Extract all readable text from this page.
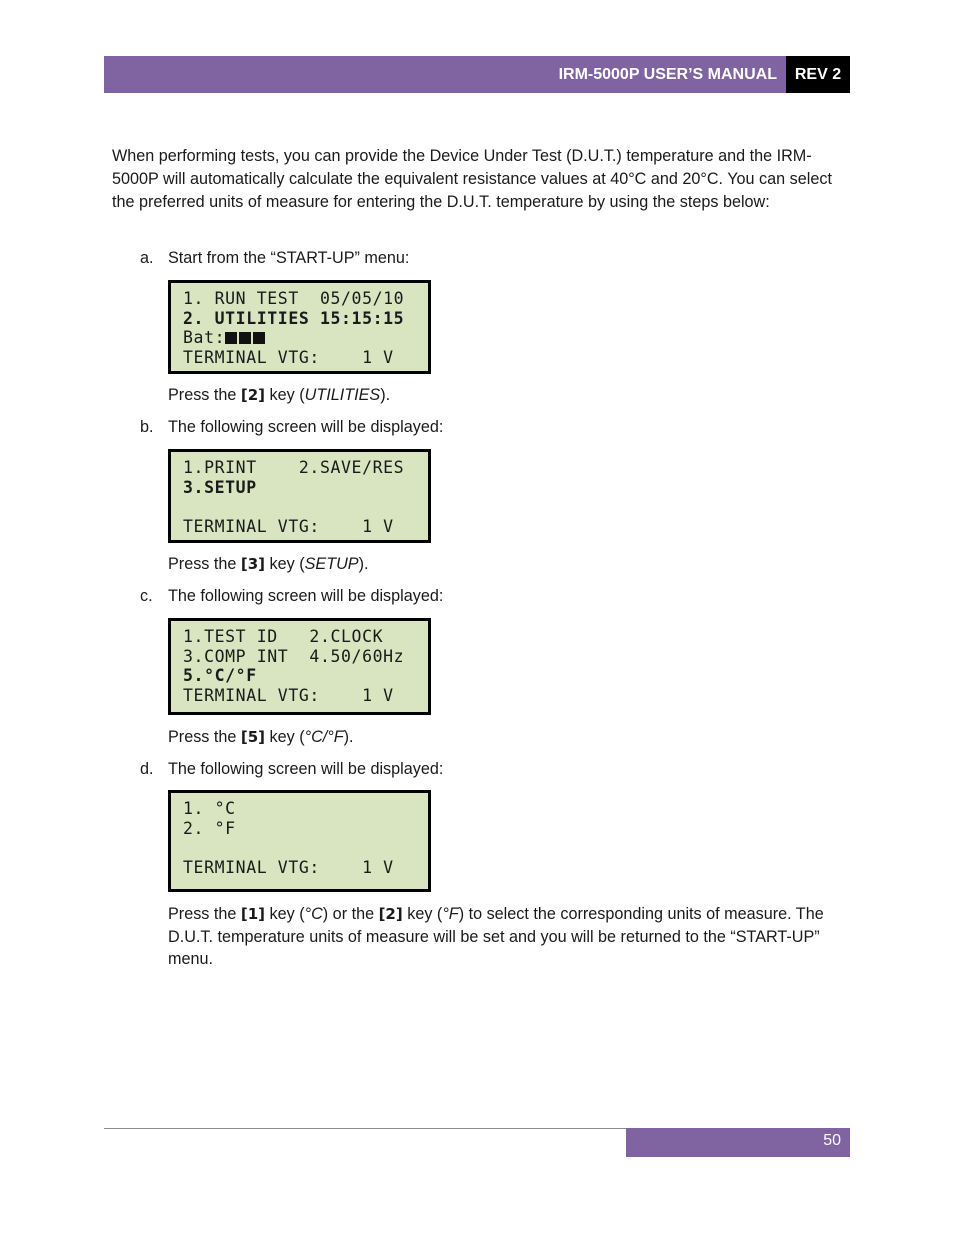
IRM-5000P USER’S MANUAL	REV 2

When performing tests, you can provide the Device Under Test (D.U.T.) temperature and the IRM-5000P will automatically calculate the equivalent resistance values at 40°C and 20°C. You can select the preferred units of measure for entering the D.U.T. temperature by using the steps below:

a. Start from the “START-UP” menu:
1. RUN TEST  05/05/10
2. UTILITIES 15:15:15
Bat:
TERMINAL VTG:    1 V

Press the [2] key (UTILITIES).

b. The following screen will be displayed:
1.PRINT    2.SAVE/RES
3.SETUP
TERMINAL VTG:    1 V

Press the [3] key (SETUP).

c. The following screen will be displayed:
1.TEST ID   2.CLOCK
3.COMP INT  4.50/60Hz
5.°C/°F
TERMINAL VTG:    1 V

Press the [5] key (°C/°F).

d. The following screen will be displayed:
1. °C
2. °F
TERMINAL VTG:    1 V

Press the [1] key (°C) or the [2] key (°F) to select the corresponding units of measure. The D.U.T. temperature units of measure will be set and you will be returned to the “START-UP” menu.

50
